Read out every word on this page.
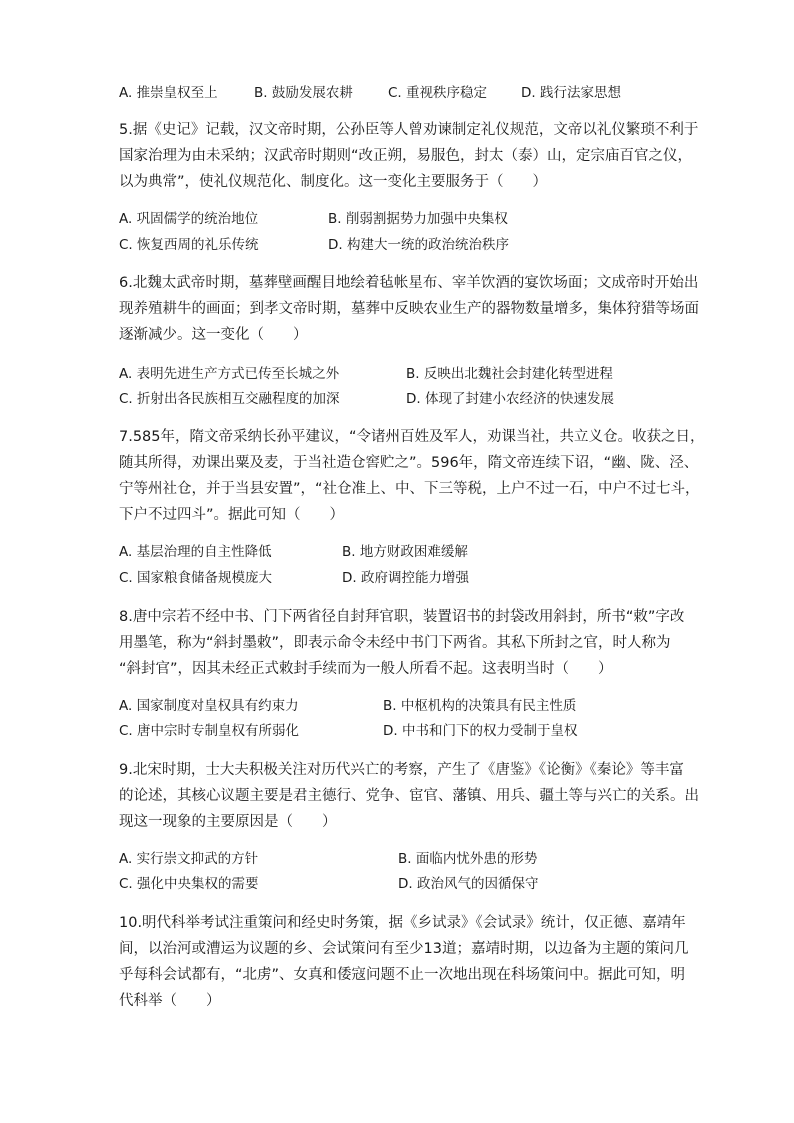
A. 推崇皇权至上	B. 鼓励发展农耕	C. 重视秩序稳定	D. 践行法家思想
5.据《史记》记载，汉文帝时期，公孙臣等人曾劝谏制定礼仪规范，文帝以礼仪繁琐不利于
国家治理为由未采纳；汉武帝时期则“改正朔，易服色，封太（泰）山，定宗庙百官之仪，
以为典常”，使礼仪规范化、制度化。这一变化主要服务于（　　）
A. 巩固儒学的统治地位	B. 削弱割据势力加强中央集权
C. 恢复西周的礼乐传统	D. 构建大一统的政治统治秩序
6.北魏太武帝时期，墓葬壁画醒目地绘着毡帐星布、宰羊饮酒的宴饮场面；文成帝时开始出
现养殖耕牛的画面；到孝文帝时期，墓葬中反映农业生产的器物数量增多，集体狩猎等场面
逐渐减少。这一变化（　　）
A. 表明先进生产方式已传至长城之外	B. 反映出北魏社会封建化转型进程
C. 折射出各民族相互交融程度的加深	D. 体现了封建小农经济的快速发展
7.585年，隋文帝采纳长孙平建议，“令诸州百姓及军人，劝课当社，共立义仓。收获之日，
随其所得，劝课出粟及麦，于当社造仓窖贮之”。596年，隋文帝连续下诏，“幽、陇、泾、
宁等州社仓，并于当县安置”，“社仓准上、中、下三等税，上户不过一石，中户不过七斗，
下户不过四斗”。据此可知（　　）
A. 基层治理的自主性降低	B. 地方财政困难缓解
C. 国家粮食储备规模庞大	D. 政府调控能力增强
8.唐中宗若不经中书、门下两省径自封拜官职，装置诏书的封袋改用斜封，所书“敕”字改
用墨笔，称为“斜封墨敕”，即表示命令未经中书门下两省。其私下所封之官，时人称为
“斜封官”，因其未经正式敕封手续而为一般人所看不起。这表明当时（　　）
A. 国家制度对皇权具有约束力	B. 中枢机构的决策具有民主性质
C. 唐中宗时专制皇权有所弱化	D. 中书和门下的权力受制于皇权
9.北宋时期，士大夫积极关注对历代兴亡的考察，产生了《唐鉴》《论衡》《秦论》等丰富
的论述，其核心议题主要是君主德行、党争、宦官、藩镇、用兵、疆土等与兴亡的关系。出
现这一现象的主要原因是（　　）
A. 实行崇文抑武的方针	B. 面临内忧外患的形势
C. 强化中央集权的需要	D. 政治风气的因循保守
10.明代科举考试注重策问和经史时务策，据《乡试录》《会试录》统计，仅正德、嘉靖年
间，以治河或漕运为议题的乡、会试策问有至少13道；嘉靖时期，以边备为主题的策问几
乎每科会试都有，“北虏”、女真和倭寇问题不止一次地出现在科场策问中。据此可知，明
代科举（　　）
